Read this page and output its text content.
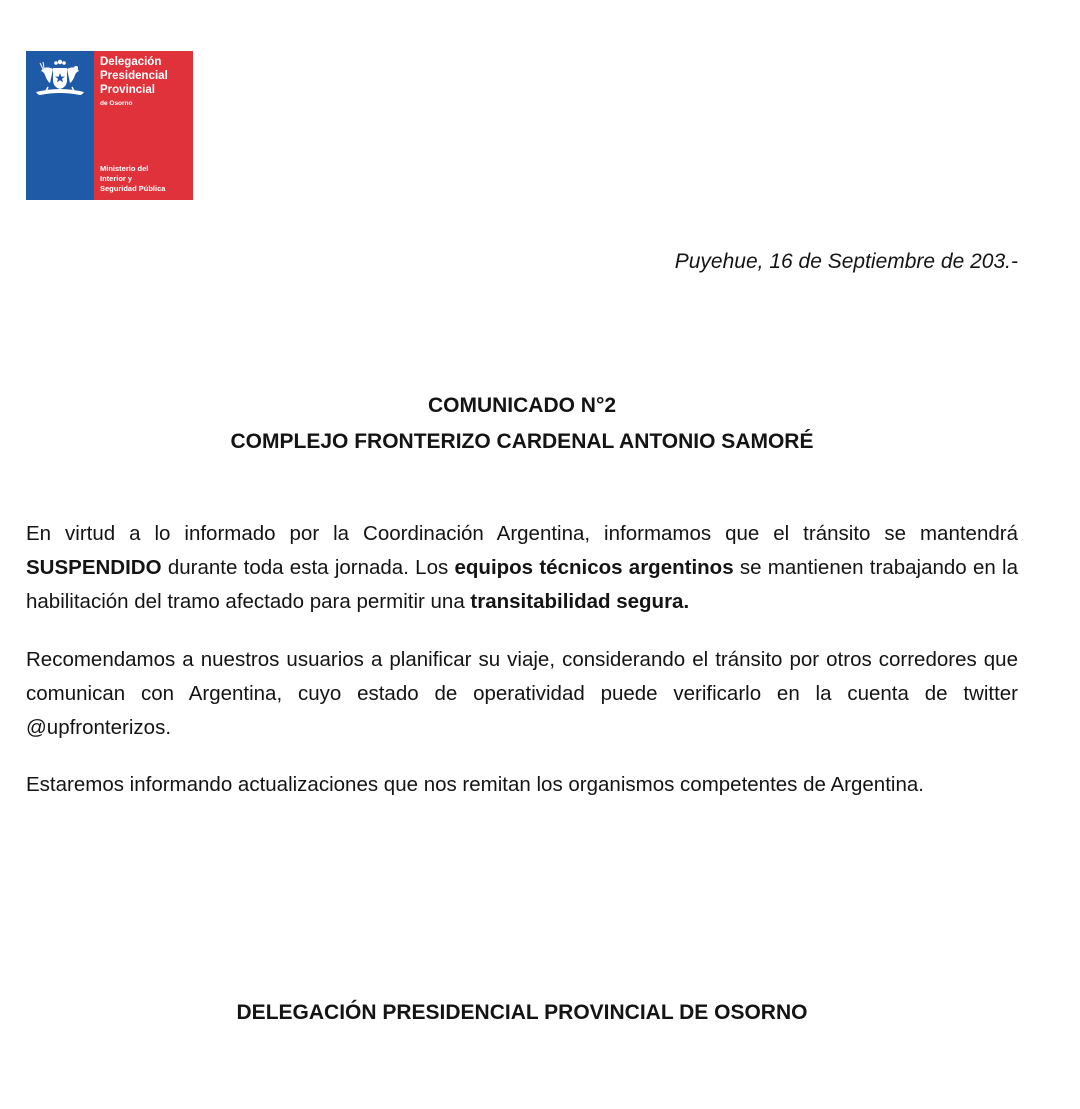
Delegación
Presidencial
Provincial
de Osorno
Ministerio del
Interior y
Seguridad Pública
Puyehue, 16 de Septiembre de 203.-
COMUNICADO N°2
COMPLEJO FRONTERIZO CARDENAL ANTONIO SAMORÉ

En virtud a lo informado por la Coordinación Argentina, informamos que el tránsito se mantendrá SUSPENDIDO durante toda esta jornada. Los equipos técnicos argentinos se mantienen trabajando en la habilitación del tramo afectado para permitir una transitabilidad segura.

Recomendamos a nuestros usuarios a planificar su viaje, considerando el tránsito por otros corredores que comunican con Argentina, cuyo estado de operatividad puede verificarlo en la cuenta de twitter @upfronterizos.

Estaremos informando actualizaciones que nos remitan los organismos competentes de Argentina.

DELEGACIÓN PRESIDENCIAL PROVINCIAL DE OSORNO
